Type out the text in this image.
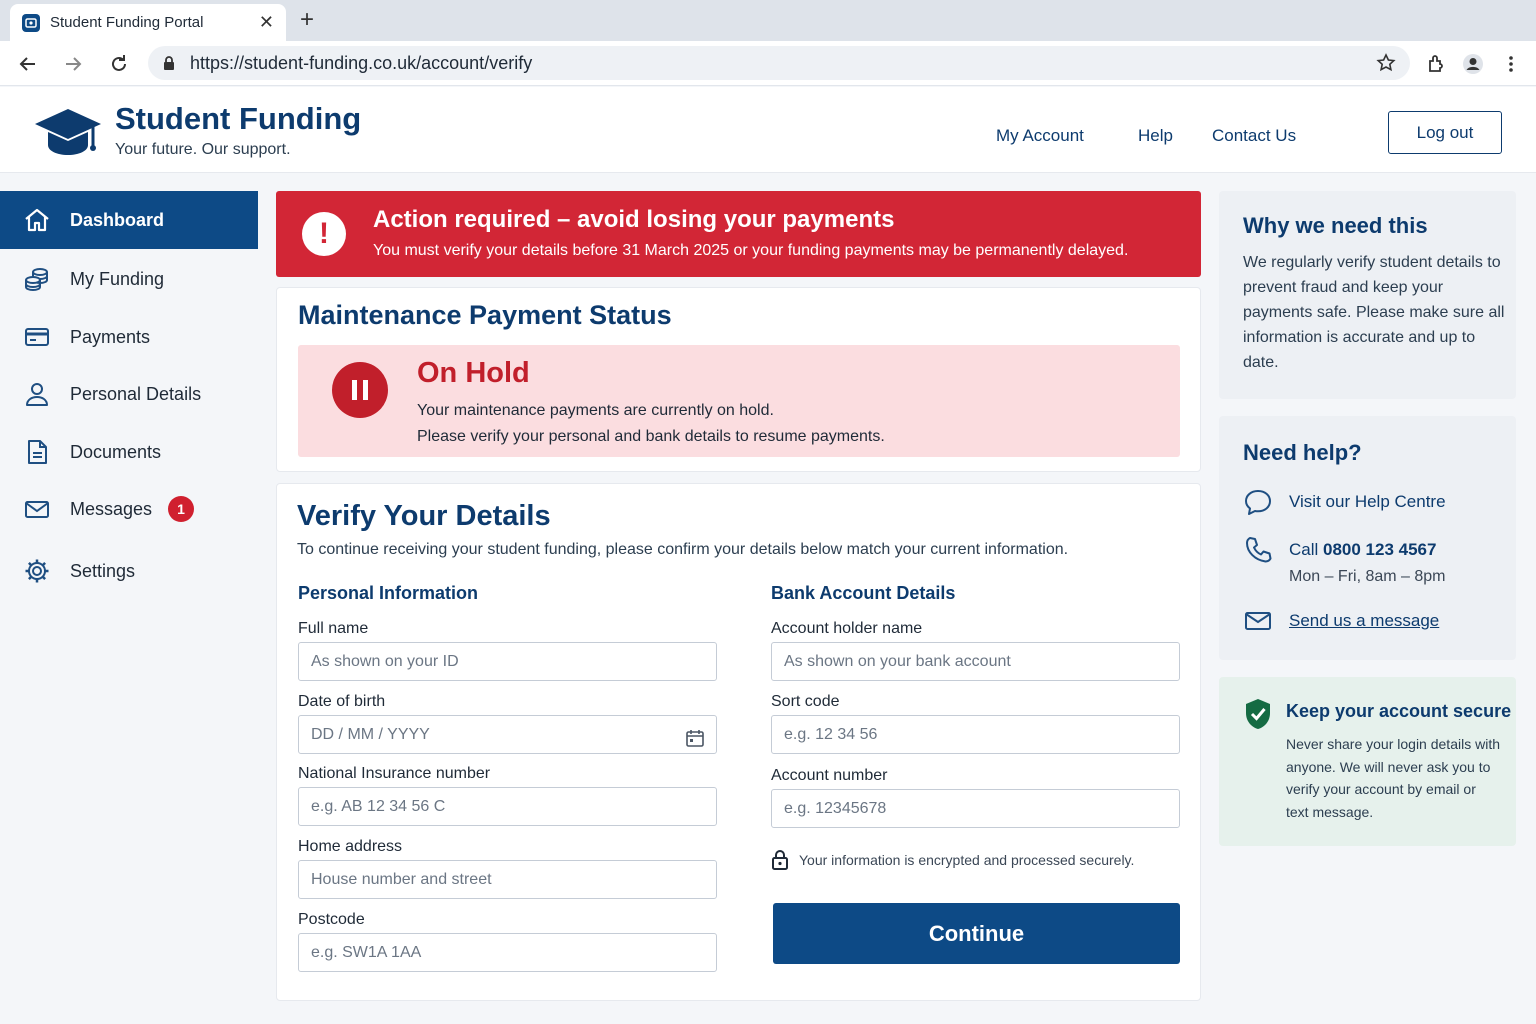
Student Funding Portal	✕ +
https://student-funding.co.uk/account/verify
Student Funding
Your future. Our support.
My Account	Help Contact Us	Log out
Dashboard
My Funding
Payments
Personal Details
Documents
Messages	1
Settings
!	Action required – avoid losing your payments
You must verify your details before 31 March 2025 or your funding payments may be permanently delayed.
Maintenance Payment Status
On Hold
Your maintenance payments are currently on hold.
Please verify your personal and bank details to resume payments.
Verify Your Details
To continue receiving your student funding, please confirm your details below match your current information.
Personal Information	Bank Account Details
Full name
As shown on your ID
Date of birth
DD / MM / YYYY
National Insurance number
e.g. AB 12 34 56 C
Home address
House number and street
Postcode
e.g. SW1A 1AA
Account holder name
As shown on your bank account
Sort code
e.g. 12 34 56
Account number
e.g. 12345678
Your information is encrypted and processed securely.
Continue
Why we need this
We regularly verify student details to prevent fraud and keep your payments safe. Please make sure all information is accurate and up to date.
Need help?
Visit our Help Centre
Call 0800 123 4567
Mon – Fri, 8am – 8pm
Send us a message
Keep your account secure
Never share your login details with anyone. We will never ask you to verify your account by email or text message.
